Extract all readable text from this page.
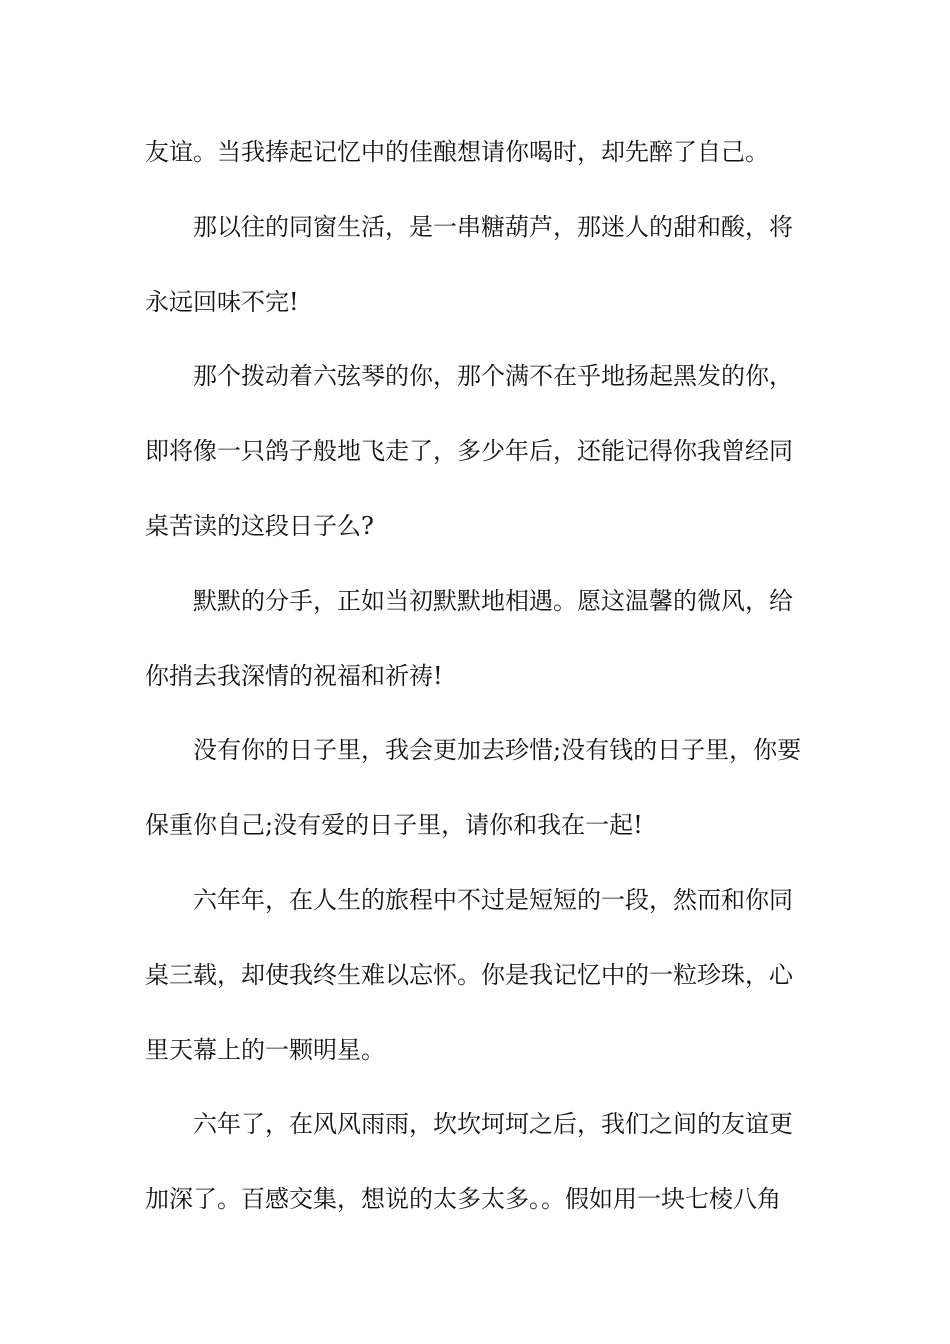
友谊。当我捧起记忆中的佳酿想请你喝时，却先醉了自己。

那以往的同窗生活，是一串糖葫芦，那迷人的甜和酸，将

永远回味不完!

那个拨动着六弦琴的你，那个满不在乎地扬起黑发的你，

即将像一只鸽子般地飞走了，多少年后，还能记得你我曾经同

桌苦读的这段日子么?

默默的分手，正如当初默默地相遇。愿这温馨的微风，给

你捎去我深情的祝福和祈祷!

没有你的日子里，我会更加去珍惜;没有钱的日子里，你要

保重你自己;没有爱的日子里，请你和我在一起!

六年年，在人生的旅程中不过是短短的一段，然而和你同

桌三载，却使我终生难以忘怀。你是我记忆中的一粒珍珠，心

里天幕上的一颗明星。

六年了，在风风雨雨，坎坎坷坷之后，我们之间的友谊更

加深了。百感交集，想说的太多太多。。假如用一块七棱八角
